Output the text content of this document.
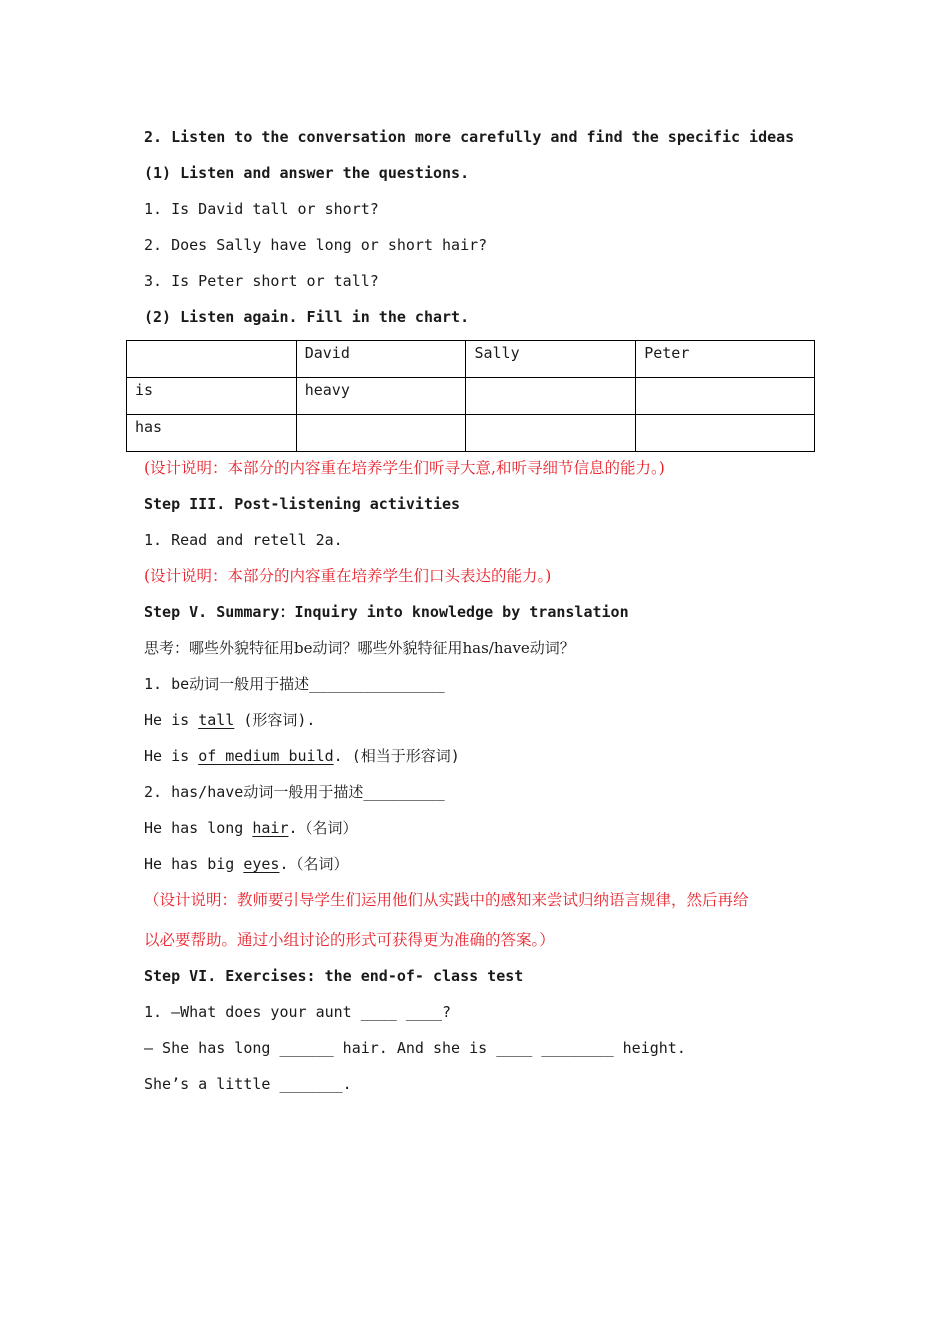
2. Listen to the conversation more carefully and find the specific ideas
(1) Listen and answer the questions.
1. Is David tall or short?
2. Does Sally have long or short hair?
3. Is Peter short or tall?
(2) Listen again. Fill in the chart.
	David	Sally	Peter
is	heavy		
has			
(设计说明：本部分的内容重在培养学生们听寻大意,和听寻细节信息的能力。)
Step III. Post-listening activities
1. Read and retell 2a.
(设计说明：本部分的内容重在培养学生们口头表达的能力。)
Step V. Summary：Inquiry into knowledge by translation
思考：哪些外貌特征用be动词？哪些外貌特征用has/have动词？
1. be动词一般用于描述_______________
He is tall (形容词).
He is of medium build. (相当于形容词)
2. has/have动词一般用于描述_________
He has long hair.（名词）
He has big eyes.（名词）
（设计说明：教师要引导学生们运用他们从实践中的感知来尝试归纳语言规律，然后再给
以必要帮助。通过小组讨论的形式可获得更为准确的答案。）
Step VI. Exercises: the end-of- class test
1. —What does your aunt ____ ____?
— She has long ______ hair. And she is ____ ________ height.
She’s a little _______.
